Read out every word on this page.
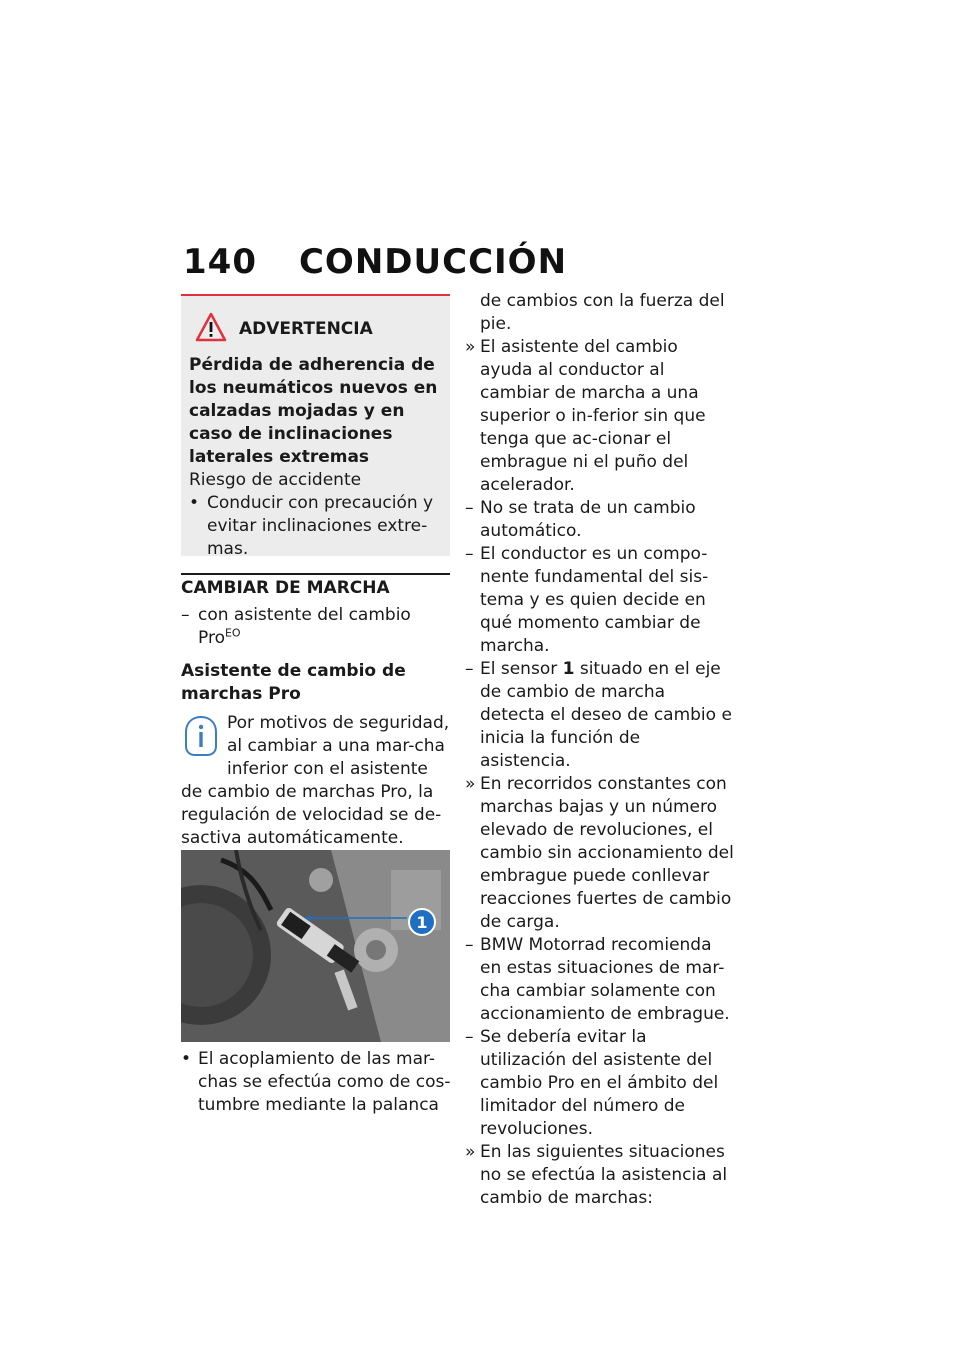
140 CONDUCCIÓN
ADVERTENCIA
Pérdida de adherencia de los neumáticos nuevos en calzadas mojadas y en caso de inclinaciones laterales extremas
Riesgo de accidente
• Conducir con precaución y evitar inclinaciones extre-mas.
CAMBIAR DE MARCHA
– con asistente del cambio Pro$^{EO}$
Asistente de cambio de marchas Pro
Por motivos de seguridad, al cambiar a una mar-cha inferior con el asistente de cambio de marchas Pro, la regulación de velocidad se de-sactiva automáticamente.
1
• El acoplamiento de las mar-chas se efectúa como de cos-tumbre mediante la palanca
de cambios con la fuerza del pie.
» El asistente del cambio ayuda al conductor al cambiar de marcha a una superior o in-ferior sin que tenga que ac-cionar el embrague ni el puño del acelerador.
– No se trata de un cambio automático.
– El conductor es un compo-nente fundamental del sis-tema y es quien decide en qué momento cambiar de marcha.
– El sensor 1 situado en el eje de cambio de marcha detecta el deseo de cambio e inicia la función de asistencia.
» En recorridos constantes con marchas bajas y un número elevado de revoluciones, el cambio sin accionamiento del embrague puede conllevar reacciones fuertes de cambio de carga.
– BMW Motorrad recomienda en estas situaciones de mar-cha cambiar solamente con accionamiento de embrague.
– Se debería evitar la utilización del asistente del cambio Pro en el ámbito del limitador del número de revoluciones.
» En las siguientes situaciones no se efectúa la asistencia al cambio de marchas:
